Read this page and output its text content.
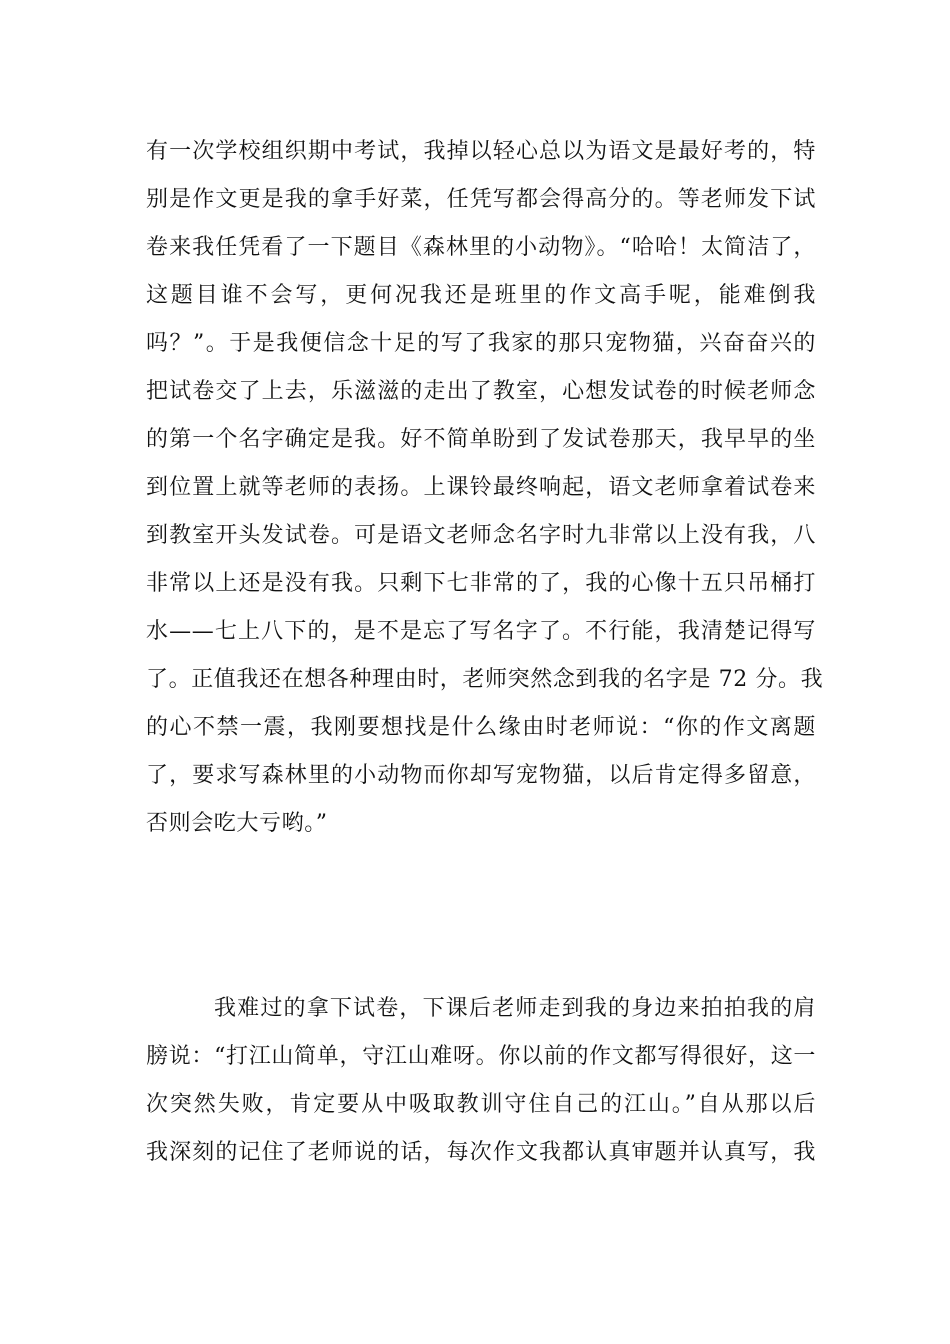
有一次学校组织期中考试，我掉以轻心总以为语文是最好考的，特
别是作文更是我的拿手好菜，任凭写都会得高分的。等老师发下试
卷来我任凭看了一下题目《森林里的小动物》。“哈哈！太简洁了，
这题目谁不会写，更何况我还是班里的作文高手呢，能难倒我
吗？”。于是我便信念十足的写了我家的那只宠物猫，兴奋奋兴的
把试卷交了上去，乐滋滋的走出了教室，心想发试卷的时候老师念
的第一个名字确定是我。好不简单盼到了发试卷那天，我早早的坐
到位置上就等老师的表扬。上课铃最终响起，语文老师拿着试卷来
到教室开头发试卷。可是语文老师念名字时九非常以上没有我，八
非常以上还是没有我。只剩下七非常的了，我的心像十五只吊桶打
水——七上八下的，是不是忘了写名字了。不行能，我清楚记得写
了。正值我还在想各种理由时，老师突然念到我的名字是 72 分。我
的心不禁一震，我刚要想找是什么缘由时老师说：“你的作文离题
了，要求写森林里的小动物而你却写宠物猫，以后肯定得多留意，
否则会吃大亏哟。”
我难过的拿下试卷，下课后老师走到我的身边来拍拍我的肩
膀说：“打江山简单，守江山难呀。你以前的作文都写得很好，这一
次突然失败，肯定要从中吸取教训守住自己的江山。”自从那以后
我深刻的记住了老师说的话，每次作文我都认真审题并认真写，我
